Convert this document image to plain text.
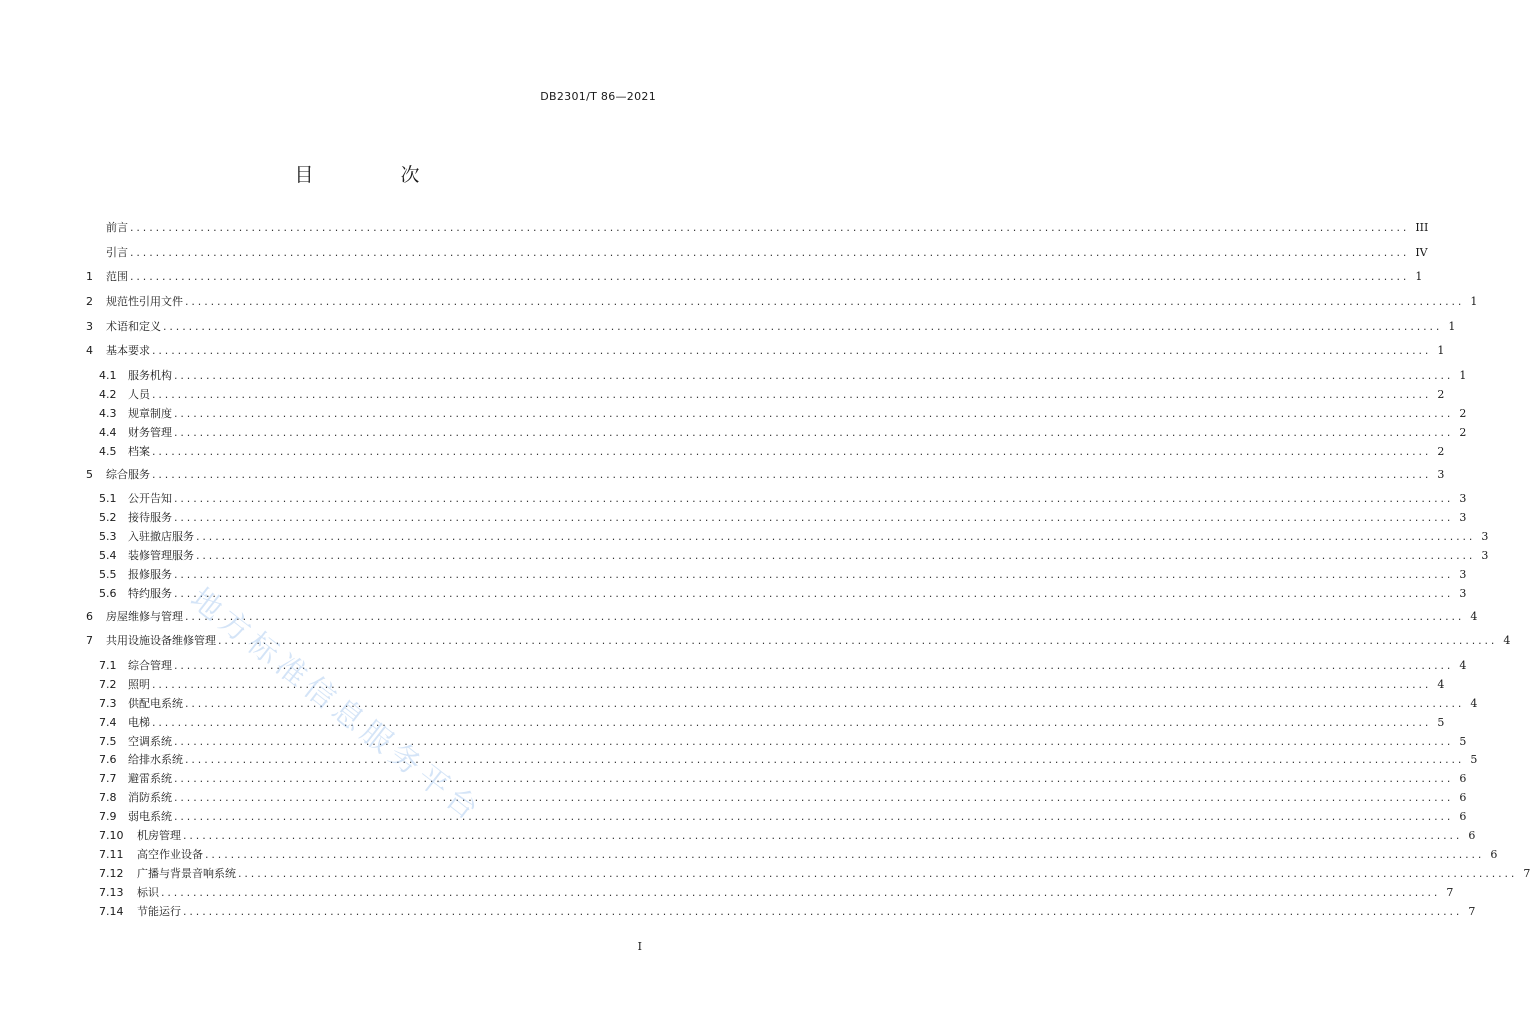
DB2301/T 86—2021
目　次
前言 ........................................................................................................................................................................................................ III
引言 ........................................................................................................................................................................................................ IV
1	范围 ........................................................................................................................................................................................................ 1
2	规范性引用文件 ........................................................................................................................................................................................................ 1
3	术语和定义 ........................................................................................................................................................................................................ 1
4	基本要求 ........................................................................................................................................................................................................ 1
4.1	服务机构 ........................................................................................................................................................................................................ 1
4.2	人员 ........................................................................................................................................................................................................ 2
4.3	规章制度 ........................................................................................................................................................................................................ 2
4.4	财务管理 ........................................................................................................................................................................................................ 2
4.5	档案 ........................................................................................................................................................................................................ 2
5	综合服务 ........................................................................................................................................................................................................ 3
5.1	公开告知 ........................................................................................................................................................................................................ 3
5.2	接待服务 ........................................................................................................................................................................................................ 3
5.3	入驻撤店服务 ........................................................................................................................................................................................................ 3
5.4	装修管理服务 ........................................................................................................................................................................................................ 3
5.5	报修服务 ........................................................................................................................................................................................................ 3
5.6	特约服务 ........................................................................................................................................................................................................ 3
6	房屋维修与管理 ........................................................................................................................................................................................................ 4
7	共用设施设备维修管理 ........................................................................................................................................................................................................ 4
7.1	综合管理 ........................................................................................................................................................................................................ 4
7.2	照明 ........................................................................................................................................................................................................ 4
7.3	供配电系统 ........................................................................................................................................................................................................ 4
7.4	电梯 ........................................................................................................................................................................................................ 5
7.5	空调系统 ........................................................................................................................................................................................................ 5
7.6	给排水系统 ........................................................................................................................................................................................................ 5
7.7	避雷系统 ........................................................................................................................................................................................................ 6
7.8	消防系统 ........................................................................................................................................................................................................ 6
7.9	弱电系统 ........................................................................................................................................................................................................ 6
7.10	机房管理 ........................................................................................................................................................................................................ 6
7.11	高空作业设备 ........................................................................................................................................................................................................ 6
7.12	广播与背景音响系统 ........................................................................................................................................................................................................ 7
7.13	标识 ........................................................................................................................................................................................................ 7
7.14	节能运行 ........................................................................................................................................................................................................ 7
地方标准信息服务平台
I
